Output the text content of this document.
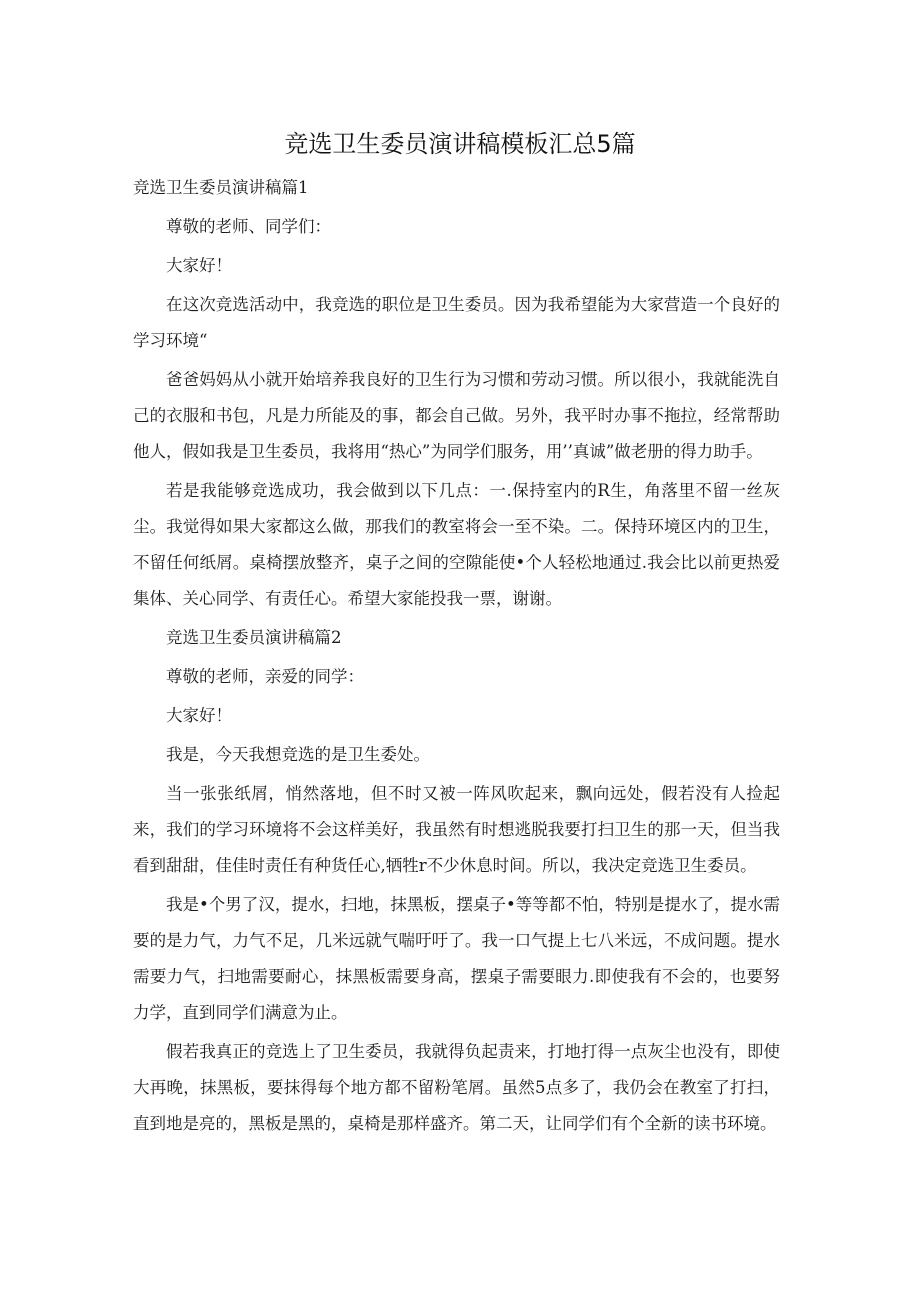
竞选卫生委员演讲稿模板汇总5篇

竞选卫生委员演讲稿篇1

尊敬的老师、同学们：

大家好！

在这次竞选活动中，我竞选的职位是卫生委员。因为我希望能为大家营造一个良好的学习环境“

爸爸妈妈从小就开始培养我良好的卫生行为习惯和劳动习惯。所以很小，我就能洗自己的衣服和书包，凡是力所能及的事，都会自己做。另外，我平时办事不拖拉，经常帮助他人，假如我是卫生委员，我将用“热心”为同学们服务，用’’真诚”做老册的得力助手。

若是我能够竞选成功，我会做到以下几点：一.保持室内的R生，角落里不留一丝灰尘。我觉得如果大家都这么做，那我们的教室将会一至不染。二。保持环境区内的卫生，不留任何纸屑。桌椅摆放整齐，桌子之间的空隙能使•个人轻松地通过.我会比以前更热爱集体、关心同学、有责任心。希望大家能投我一票，谢谢。

竞选卫生委员演讲稿篇2

尊敬的老师，亲爱的同学：

大家好！

我是，今天我想竞选的是卫生委处。

当一张张纸屑，悄然落地，但不时又被一阵风吹起来，飘向远处，假若没有人捡起来，我们的学习环境将不会这样美好，我虽然有时想逃脱我要打扫卫生的那一天，但当我看到甜甜，佳佳时责任有种货任心,牺牲r不少休息时间。所以，我决定竞选卫生委员。

我是•个男了汉，提水，扫地，抹黑板，摆桌子•等等都不怕，特别是提水了，提水需要的是力气，力气不足，几米远就气喘吁吁了。我一口气提上七八米远，不成问题。提水需要力气，扫地需要耐心，抹黑板需要身高，摆桌子需要眼力.即使我有不会的，也要努力学，直到同学们满意为止。

假若我真正的竞选上了卫生委员，我就得负起责来，打地打得一点灰尘也没有，即使大再晚，抹黑板，要抹得每个地方都不留粉笔屑。虽然5点多了，我仍会在教室了打扫，直到地是亮的，黑板是黑的，桌椅是那样盛齐。第二天，让同学们有个全新的读书环境。
